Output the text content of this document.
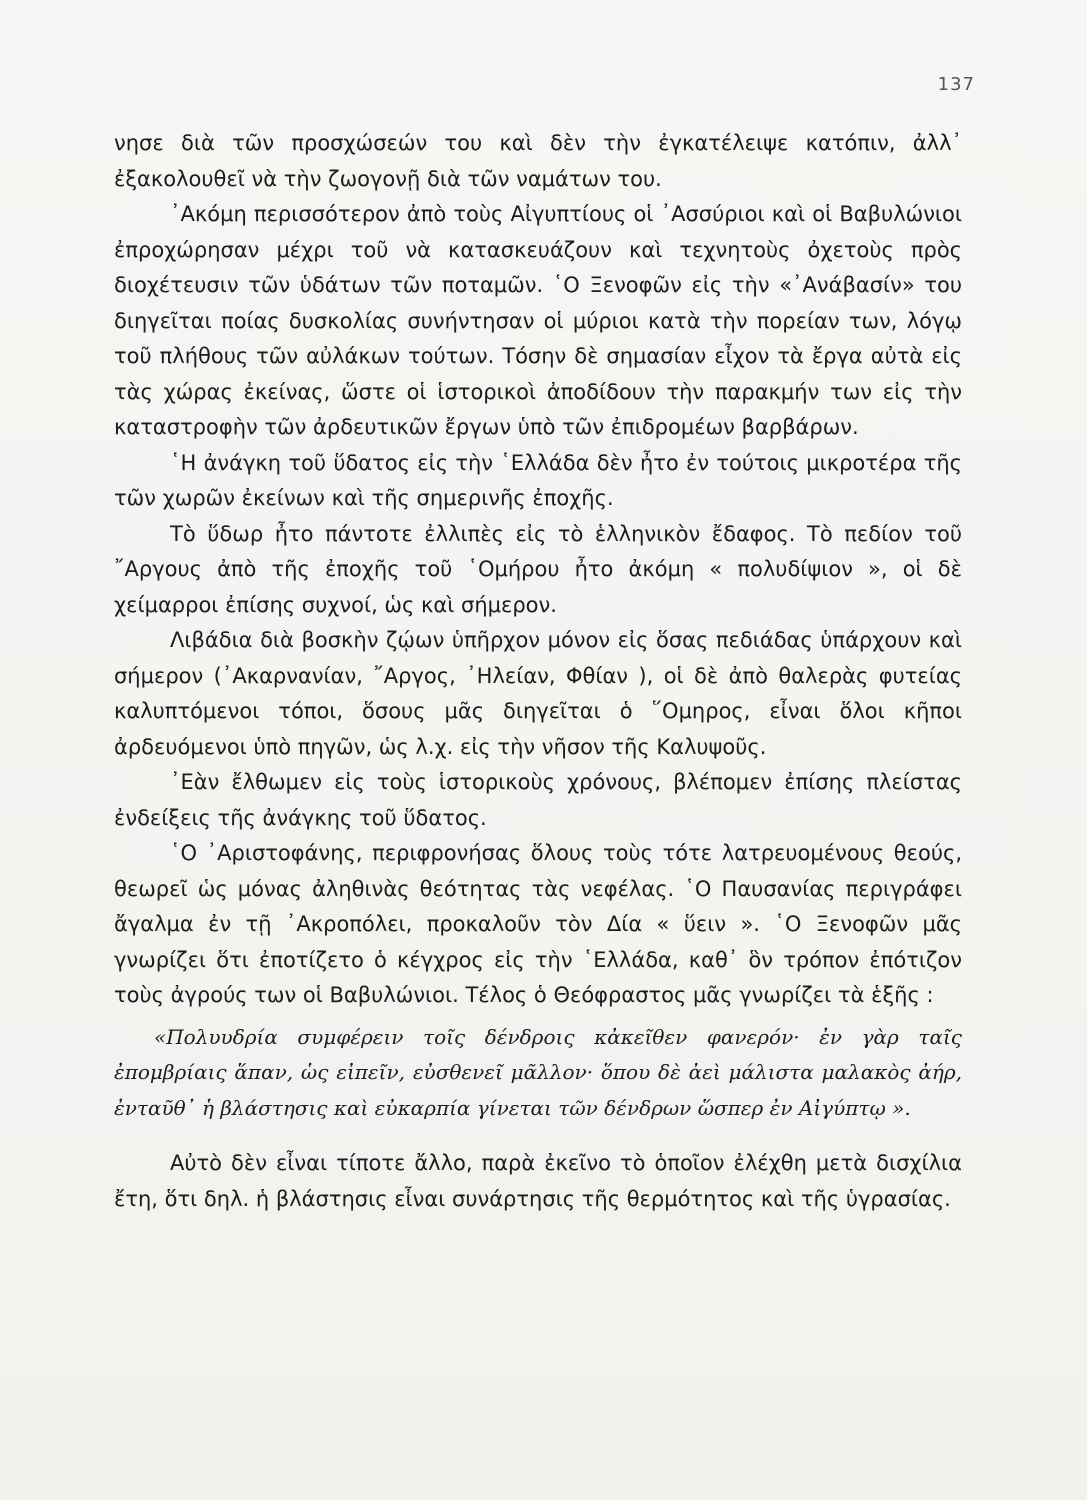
137

νησε διὰ τῶν προσχώσεών του καὶ δὲν τὴν ἐγκατέλειψε κατόπιν, ἀλλ᾽ ἐξακολουθεῖ νὰ τὴν ζωογονῇ διὰ τῶν ναμάτων του.

᾽Ακόμη περισσότερον ἀπὸ τοὺς Αἰγυπτίους οἱ ᾽Ασσύριοι καὶ οἱ Βαβυλώνιοι ἐπροχώρησαν μέχρι τοῦ νὰ κατασκευάζουν καὶ τεχνητοὺς ὀχετοὺς πρὸς διοχέτευσιν τῶν ὑδάτων τῶν ποταμῶν. ῾Ο Ξενοφῶν εἰς τὴν «᾽Ανάβασίν» του διηγεῖται ποίας δυσκολίας συνήντησαν οἱ μύριοι κατὰ τὴν πορείαν των, λόγῳ τοῦ πλήθους τῶν αὐλάκων τούτων. Τόσην δὲ σημασίαν εἶχον τὰ ἔργα αὐτὰ εἰς τὰς χώρας ἐκείνας, ὥστε οἱ ἱστορικοὶ ἀποδίδουν τὴν παρακμήν των εἰς τὴν καταστροφὴν τῶν ἀρδευτικῶν ἔργων ὑπὸ τῶν ἐπιδρομέων βαρβάρων.

῾Η ἀνάγκη τοῦ ὕδατος εἰς τὴν ῾Ελλάδα δὲν ἦτο ἐν τούτοις μικροτέρα τῆς τῶν χωρῶν ἐκείνων καὶ τῆς σημερινῆς ἐποχῆς.

Τὸ ὕδωρ ἦτο πάντοτε ἐλλιπὲς εἰς τὸ ἑλληνικὸν ἔδαφος. Τὸ πεδίον τοῦ ῎Αργους ἀπὸ τῆς ἐποχῆς τοῦ ῾Ομήρου ἦτο ἀκόμη « πολυδίψιον », οἱ δὲ χείμαρροι ἐπίσης συχνοί, ὡς καὶ σήμερον.

Λιβάδια διὰ βοσκὴν ζῴων ὑπῆρχον μόνον εἰς ὅσας πεδιάδας ὑπάρχουν καὶ σήμερον (᾽Ακαρνανίαν, ῎Αργος, ᾽Ηλείαν, Φθίαν ), οἱ δὲ ἀπὸ θαλερὰς φυτείας καλυπτόμενοι τόποι, ὅσους μᾶς διηγεῖται ὁ ῞Ομηρος, εἶναι ὅλοι κῆποι ἀρδευόμενοι ὑπὸ πηγῶν, ὡς λ.χ. εἰς τὴν νῆσον τῆς Καλυψοῦς.

᾽Εὰν ἔλθωμεν εἰς τοὺς ἱστορικοὺς χρόνους, βλέπομεν ἐπίσης πλείστας ἐνδείξεις τῆς ἀνάγκης τοῦ ὕδατος.

῾Ο ᾽Αριστοφάνης, περιφρονήσας ὅλους τοὺς τότε λατρευομένους θεούς, θεωρεῖ ὡς μόνας ἀληθινὰς θεότητας τὰς νεφέλας. ῾Ο Παυσανίας περιγράφει ἄγαλμα ἐν τῇ ᾽Ακροπόλει, προκαλοῦν τὸν Δία « ὕειν ». ῾Ο Ξενοφῶν μᾶς γνωρίζει ὅτι ἐποτίζετο ὁ κέγχρος εἰς τὴν ῾Ελλάδα, καθ᾽ ὃν τρόπον ἐπότιζον τοὺς ἀγρούς των οἱ Βαβυλώνιοι. Τέλος ὁ Θεόφραστος μᾶς γνωρίζει τὰ ἑξῆς :

«Πολυυδρία συμφέρειν τοῖς δένδροις κἀκεῖθεν φανερόν· ἐν γὰρ ταῖς ἐπομβρίαις ἅπαν, ὡς εἰπεῖν, εὐσθενεῖ μᾶλλον· ὅπου δὲ ἀεὶ μάλιστα μαλακὸς ἀήρ, ἐνταῦθ᾽ ἡ βλάστησις καὶ εὐκαρπία γίνεται τῶν δένδρων ὥσπερ ἐν Αἰγύπτῳ ».

Αὐτὸ δὲν εἶναι τίποτε ἄλλο, παρὰ ἐκεῖνο τὸ ὁποῖον ἐλέχθη μετὰ δισχίλια ἔτη, ὅτι δηλ. ἡ βλάστησις εἶναι συνάρτησις τῆς θερμότητος καὶ τῆς ὑγρασίας.
